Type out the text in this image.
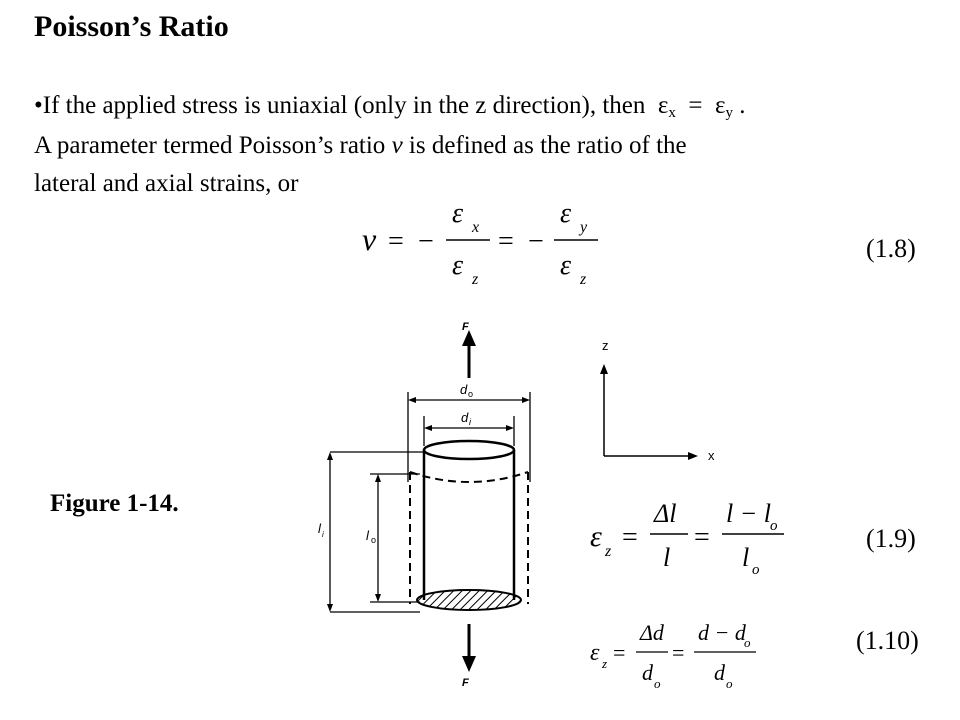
Poisson’s Ratio
•If the applied stress is uniaxial (only in the z direction), then $\varepsilon_x = \varepsilon_y$ .
A parameter termed Poisson’s ratio ν is defined as the ratio of the
lateral and axial strains, or
(1.8)
(1.9)
(1.10)
Figure 1-14.
ν = −
ε x
ε z
= −
ε y
ε z
ε z =
Δl
l
=
l − l o
l o
ε z =
Δd
d o
=
d − d
o
d o
z
x
F
d o
d i
l i	l o
F
